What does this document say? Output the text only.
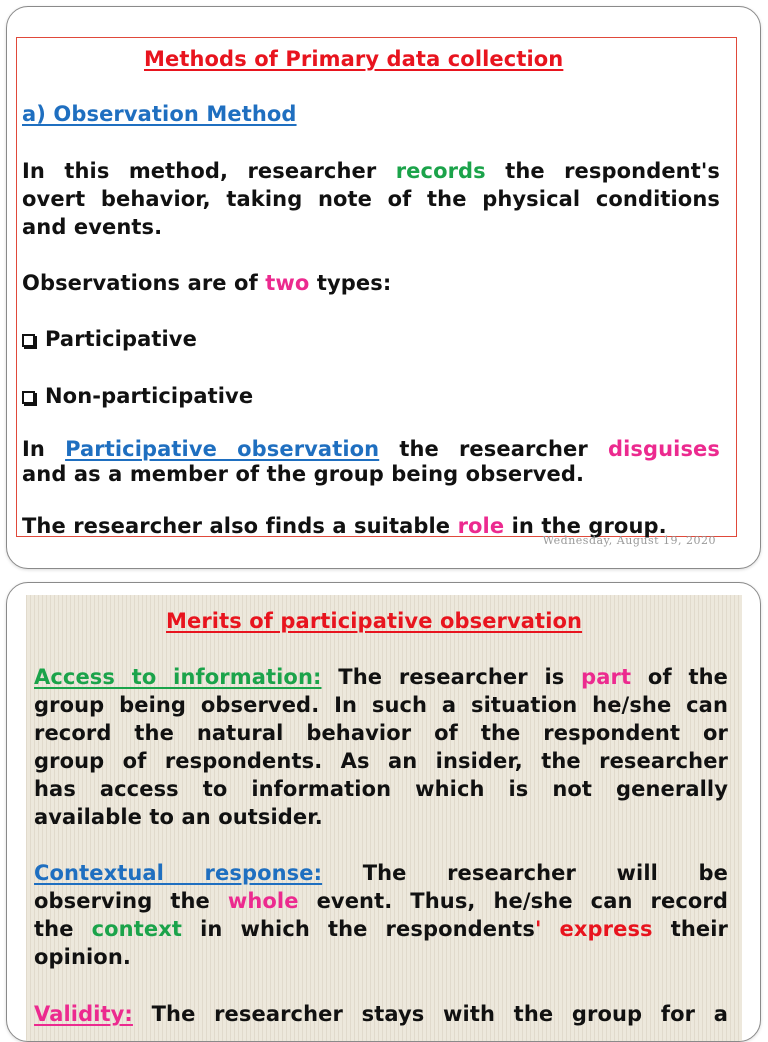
Methods of Primary data collection
a) Observation Method
In this method, researcher records the respondent's
overt behavior, taking note of the physical conditions
and events.
Observations are of two types:
Participative
Non-participative
In Participative observation the researcher disguises
and as a member of the group being observed.
The researcher also finds a suitable role in the group.
Wednesday, August 19, 2020
Merits of participative observation
Access to information: The researcher is part of the
group being observed. In such a situation he/she can
record the natural behavior of the respondent or
group of respondents. As an insider, the researcher
has access to information which is not generally
available to an outsider.
Contextual response: The researcher will be
observing the whole event. Thus, he/she can record
the context in which the respondents' express their
opinion.
Validity: The researcher stays with the group for a
